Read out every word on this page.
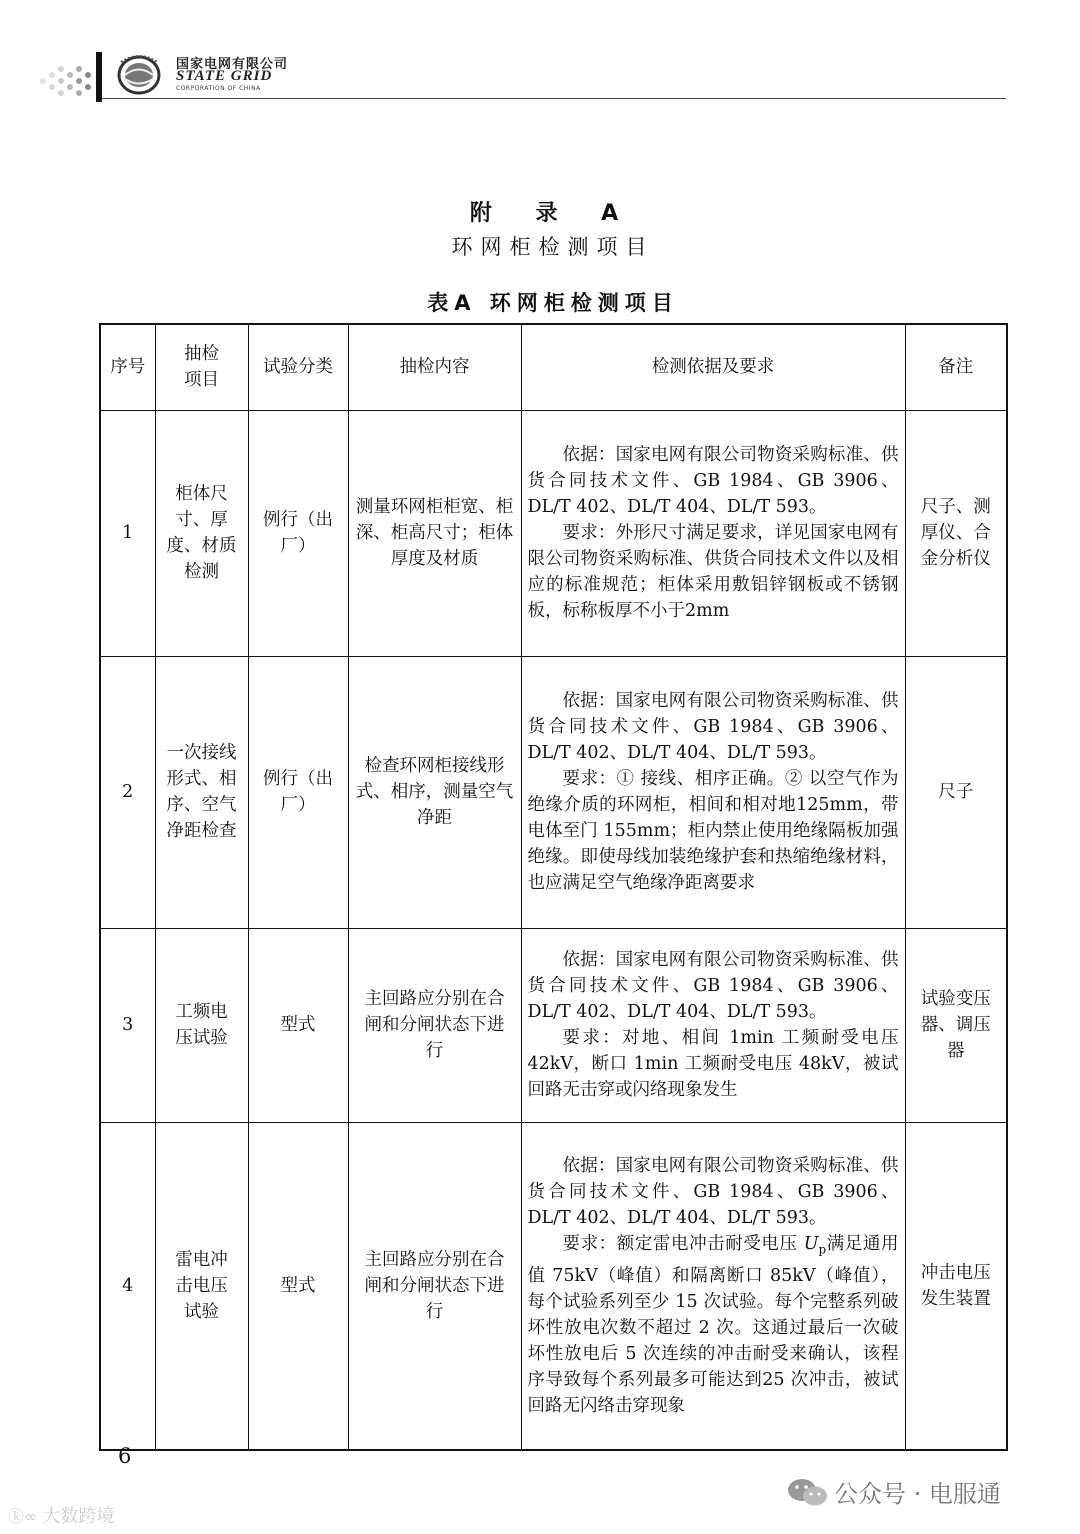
国家电网有限公司
STATE GRID
CORPORATION OF CHINA
附 录 A
环网柜检测项目
表A 环网柜检测项目
序号	抽检项目	试验分类	抽检内容	检测依据及要求	备注
1	柜体尺寸、厚度、材质检测	例行（出厂）	测量环网柜柜宽、柜深、柜高尺寸；柜体厚度及材质	依据：国家电网有限公司物资采购标准、供货合同技术文件、GB 1984、GB 3906、DL/T 402、DL/T 404、DL/T 593。
要求：外形尺寸满足要求，详见国家电网有限公司物资采购标准、供货合同技术文件以及相应的标准规范；柜体采用敷铝锌钢板或不锈钢板，标称板厚不小于2mm	尺子、测厚仪、合金分析仪
2	一次接线形式、相序、空气净距检查	例行（出厂）	检查环网柜接线形式、相序，测量空气净距	依据：国家电网有限公司物资采购标准、供货合同技术文件、GB 1984、GB 3906、DL/T 402、DL/T 404、DL/T 593。
要求：① 接线、相序正确。② 以空气作为绝缘介质的环网柜，相间和相对地125mm，带电体至门 155mm；柜内禁止使用绝缘隔板加强绝缘。即使母线加装绝缘护套和热缩绝缘材料，也应满足空气绝缘净距离要求	尺子
3	工频电压试验	型式	主回路应分别在合闸和分闸状态下进行	依据：国家电网有限公司物资采购标准、供货合同技术文件、GB 1984、GB 3906、DL/T 402、DL/T 404、DL/T 593。
要求：对地、相间 1min 工频耐受电压42kV，断口 1min 工频耐受电压 48kV，被试回路无击穿或闪络现象发生	试验变压器、调压器
4	雷电冲击电压试验	型式	主回路应分别在合闸和分闸状态下进行	依据：国家电网有限公司物资采购标准、供货合同技术文件、GB 1984、GB 3906、DL/T 402、DL/T 404、DL/T 593。
要求：额定雷电冲击耐受电压 $U_p$满足通用值 75kV（峰值）和隔离断口 85kV（峰值），每个试验系列至少 15 次试验。每个完整系列破坏性放电次数不超过 2 次。这通过最后一次破坏性放电后 5 次连续的冲击耐受来确认，该程序导致每个系列最多可能达到25 次冲击，被试回路无闪络击穿现象	冲击电压发生装置
6
公众号 · 电服通
ⓚ∞ 大数跨境
